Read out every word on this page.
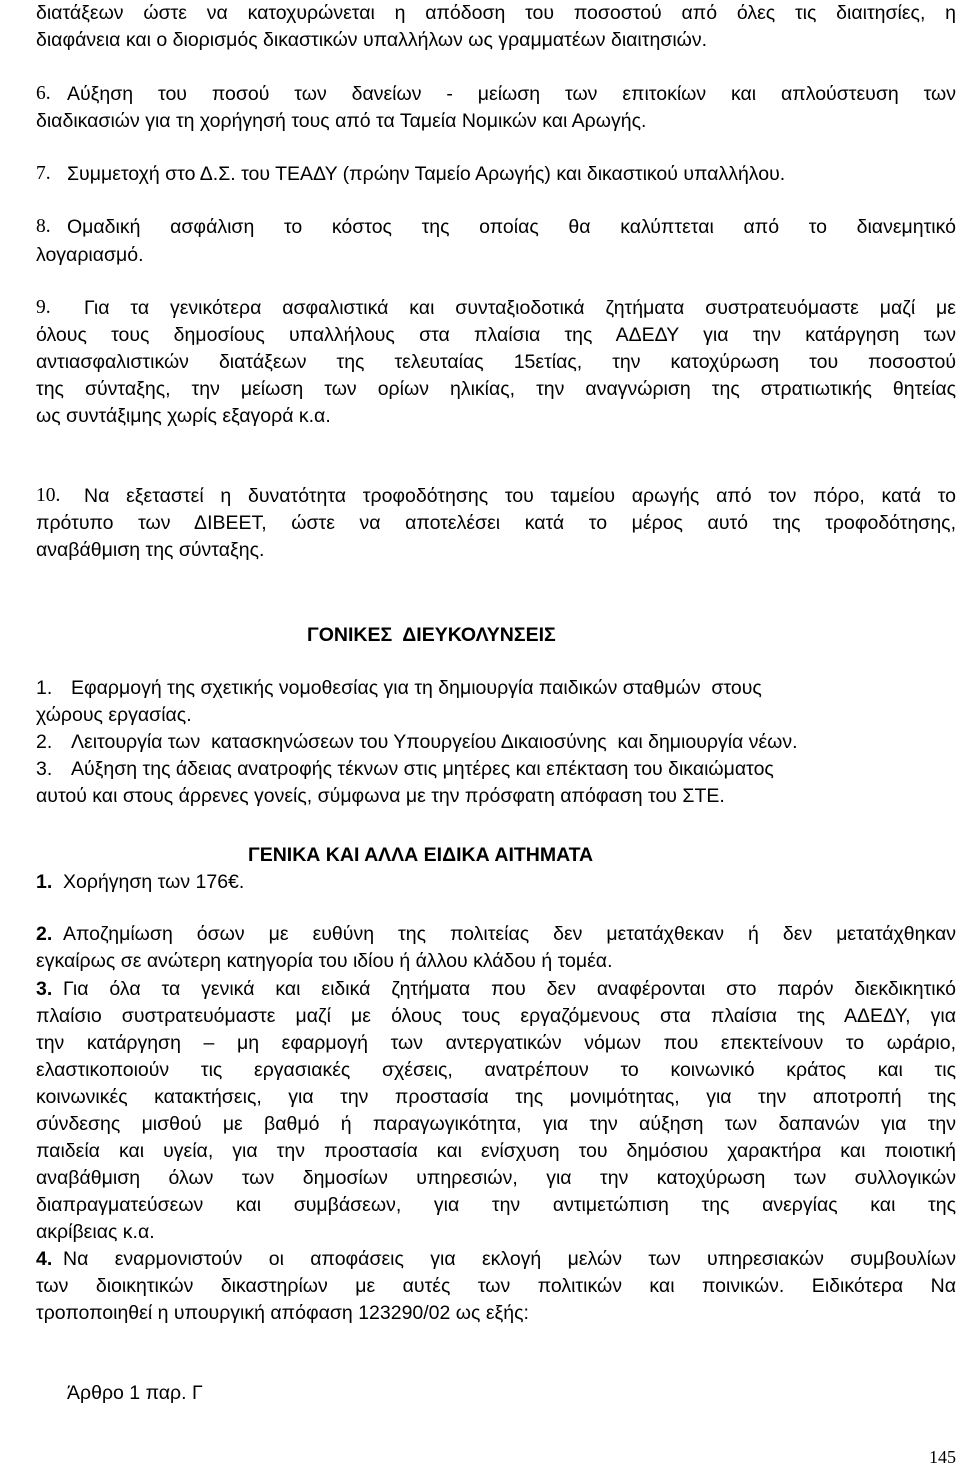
διατάξεων ώστε να κατοχυρώνεται η απόδοση του ποσοστού από όλες τις διαιτησίες, η
διαφάνεια και ο διορισμός δικαστικών υπαλλήλων ως γραμματέων διαιτησιών.
6. Αύξηση του ποσού των δανείων - μείωση των επιτοκίων και απλούστευση των
διαδικασιών για τη χορήγησή τους από τα Ταμεία Νομικών και Αρωγής.
7. Συμμετοχή στο Δ.Σ. του ΤΕΑΔΥ (πρώην Ταμείο Αρωγής) και δικαστικού υπαλλήλου.
8. Ομαδική ασφάλιση το κόστος της οποίας θα καλύπτεται από το διανεμητικό
λογαριασμό.
9. Για τα γενικότερα ασφαλιστικά και συνταξιοδοτικά ζητήματα συστρατευόμαστε μαζί με
όλους τους δημοσίους υπαλλήλους στα πλαίσια της ΑΔΕΔΥ για την κατάργηση των
αντιασφαλιστικών διατάξεων της τελευταίας 15ετίας, την κατοχύρωση του ποσοστού
της σύνταξης, την μείωση των ορίων ηλικίας, την αναγνώριση της στρατιωτικής θητείας
ως συντάξιμης χωρίς εξαγορά κ.α.
10. Να εξεταστεί η δυνατότητα τροφοδότησης του ταμείου αρωγής από τον πόρο, κατά το
πρότυπο των ΔΙΒΕΕΤ, ώστε να αποτελέσει κατά το μέρος αυτό της τροφοδότησης,
αναβάθμιση της σύνταξης.
ΓΟΝΙΚΕΣ  ΔΙΕΥΚΟΛΥΝΣΕΙΣ
1. Εφαρμογή της σχετικής νομοθεσίας για τη δημιουργία παιδικών σταθμών  στους
χώρους εργασίας.
2. Λειτουργία των  κατασκηνώσεων του Υπουργείου Δικαιοσύνης  και δημιουργία νέων.
3. Αύξηση της άδειας ανατροφής τέκνων στις μητέρες και επέκταση του δικαιώματος
αυτού και στους άρρενες γονείς, σύμφωνα με την πρόσφατη απόφαση του ΣΤΕ.
ΓΕΝΙΚΑ ΚΑΙ ΑΛΛΑ ΕΙΔΙΚΑ ΑΙΤΗΜΑΤΑ
1. Χορήγηση των 176€.
2. Αποζημίωση όσων με ευθύνη της πολιτείας δεν μετατάχθεκαν ή δεν μετατάχθηκαν
εγκαίρως σε ανώτερη κατηγορία του ιδίου ή άλλου κλάδου ή τομέα.
3. Για όλα τα γενικά και ειδικά ζητήματα που δεν αναφέρονται στο παρόν διεκδικητικό
πλαίσιο συστρατευόμαστε μαζί με όλους τους εργαζόμενους στα πλαίσια της ΑΔΕΔΥ, για
την κατάργηση – μη εφαρμογή των αντεργατικών νόμων που επεκτείνουν το ωράριο,
ελαστικοποιούν τις εργασιακές σχέσεις, ανατρέπουν το κοινωνικό κράτος και τις
κοινωνικές κατακτήσεις, για την προστασία της μονιμότητας, για την αποτροπή της
σύνδεσης μισθού με βαθμό ή παραγωγικότητα, για την αύξηση των δαπανών για την
παιδεία και υγεία, για την προστασία και ενίσχυση του δημόσιου χαρακτήρα και ποιοτική
αναβάθμιση όλων των δημοσίων υπηρεσιών, για την κατοχύρωση των συλλογικών
διαπραγματεύσεων και συμβάσεων, για την αντιμετώπιση της ανεργίας και της
ακρίβειας κ.α.
4. Να εναρμονιστούν οι αποφάσεις για εκλογή μελών των υπηρεσιακών συμβουλίων
των διοικητικών δικαστηρίων με αυτές των πολιτικών και ποινικών. Ειδικότερα Να
τροποποιηθεί η υπουργική απόφαση 123290/02 ως εξής:
Άρθρο 1 παρ. Γ
145
